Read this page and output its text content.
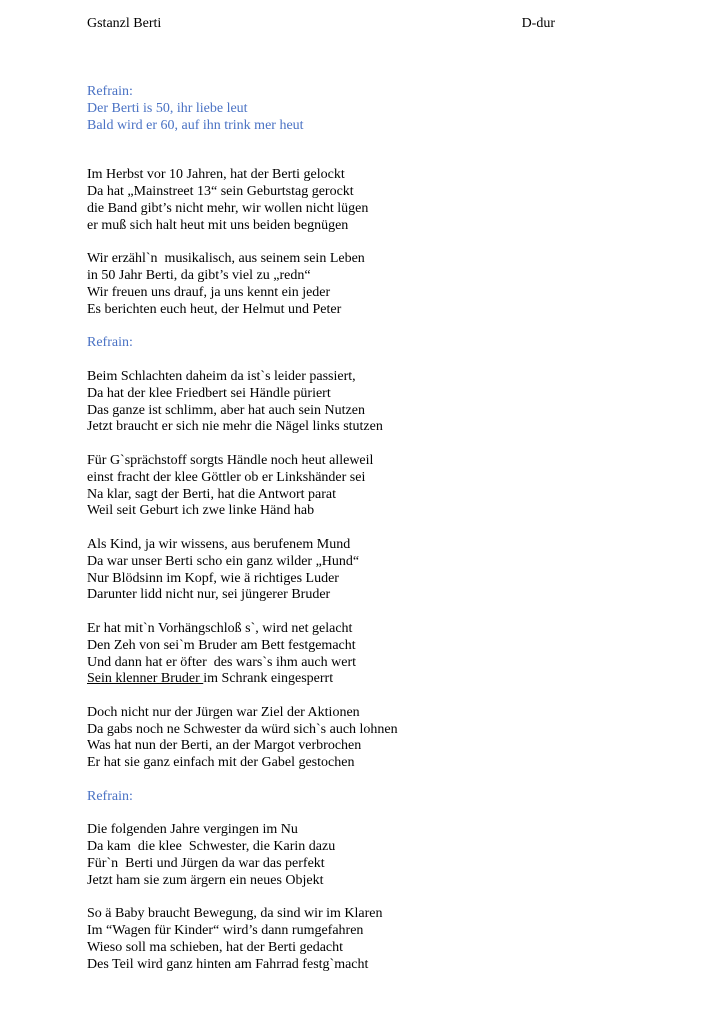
Gstanzl Berti	D-dur
Refrain:
Der Berti is 50, ihr liebe leut
Bald wird er 60, auf ihn trink mer heut
Im Herbst vor 10 Jahren, hat der Berti gelockt
Da hat „Mainstreet 13“ sein Geburtstag gerockt
die Band gibt’s nicht mehr, wir wollen nicht lügen
er muß sich halt heut mit uns beiden begnügen
Wir erzähl`n  musikalisch, aus seinem sein Leben
in 50 Jahr Berti, da gibt’s viel zu „redn“
Wir freuen uns drauf, ja uns kennt ein jeder
Es berichten euch heut, der Helmut und Peter
Refrain:
Beim Schlachten daheim da ist`s leider passiert,
Da hat der klee Friedbert sei Händle püriert
Das ganze ist schlimm, aber hat auch sein Nutzen
Jetzt braucht er sich nie mehr die Nägel links stutzen
Für G`sprächstoff sorgts Händle noch heut alleweil
einst fracht der klee Göttler ob er Linkshänder sei
Na klar, sagt der Berti, hat die Antwort parat
Weil seit Geburt ich zwe linke Händ hab
Als Kind, ja wir wissens, aus berufenem Mund
Da war unser Berti scho ein ganz wilder „Hund“
Nur Blödsinn im Kopf, wie ä richtiges Luder
Darunter lidd nicht nur, sei jüngerer Bruder
Er hat mit`n Vorhängschloß s`, wird net gelacht
Den Zeh von sei`m Bruder am Bett festgemacht
Und dann hat er öfter  des wars`s ihm auch wert
Sein klenner Bruder im Schrank eingesperrt
Doch nicht nur der Jürgen war Ziel der Aktionen
Da gabs noch ne Schwester da würd sich`s auch lohnen
Was hat nun der Berti, an der Margot verbrochen
Er hat sie ganz einfach mit der Gabel gestochen
Refrain:
Die folgenden Jahre vergingen im Nu
Da kam  die klee  Schwester, die Karin dazu
Für`n  Berti und Jürgen da war das perfekt
Jetzt ham sie zum ärgern ein neues Objekt
So ä Baby braucht Bewegung, da sind wir im Klaren
Im “Wagen für Kinder“ wird’s dann rumgefahren
Wieso soll ma schieben, hat der Berti gedacht
Des Teil wird ganz hinten am Fahrrad festg`macht
